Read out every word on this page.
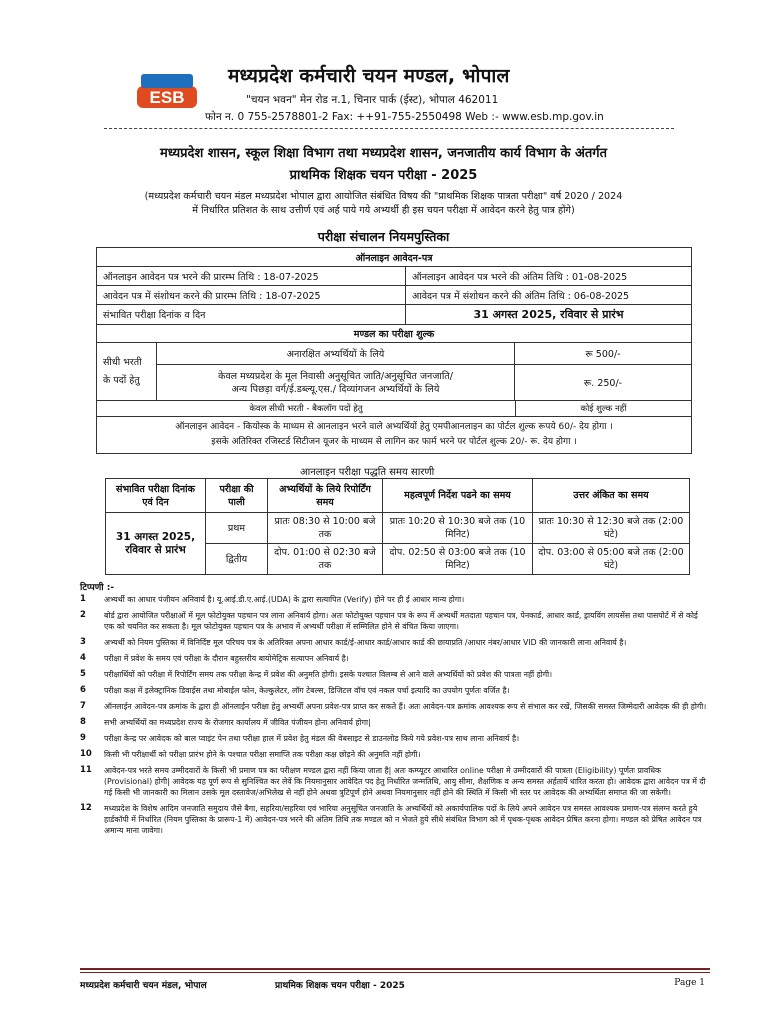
ESB
मध्यप्रदेश कर्मचारी चयन मण्डल, भोपाल
"चयन भवन" मेन रोड न.1, चिनार पार्क (ईस्ट), भोपाल 462011
फोन न. 0 755-2578801-2 Fax: ++91-755-2550498 Web :- www.esb.mp.gov.in
मध्यप्रदेश शासन, स्कूल शिक्षा विभाग तथा मध्यप्रदेश शासन, जनजातीय कार्य विभाग के अंतर्गत
प्राथमिक शिक्षक चयन परीक्षा - 2025
(मध्यप्रदेश कर्मचारी चयन मंडल मध्यप्रदेश भोपाल द्वारा आयोजित संबंधित विषय की "प्राथमिक शिक्षक पात्रता परीक्षा" वर्ष 2020 / 2024
में निर्धारित प्रतिशत के साथ उत्तीर्ण एवं अर्ह पाये गये अभ्यर्थी ही इस चयन परीक्षा में आवेदन करने हेतु पात्र होंगे)
परीक्षा संचालन नियमपुस्तिका
ऑनलाइन आवेदन-पत्र
ऑनलाइन आवेदन पत्र भरने की प्रारम्भ तिथि : 18-07-2025	ऑनलाइन आवेदन पत्र भरने की अंतिम तिथि : 01-08-2025
आवेदन पत्र में संशोधन करने की प्रारम्भ तिथि : 18-07-2025	आवेदन पत्र में संशोधन करने की अंतिम तिथि : 06-08-2025
संभावित परीक्षा दिनांक व दिन	31 अगस्त 2025, रविवार से प्रारंभ
मण्डल का परीक्षा शुल्क
सीधी भरती
के पदों हेतु
अनारक्षित अभ्यर्थियों के लिये	रू 500/-
केवल मध्यप्रदेश के मूल निवासी अनुसूचित जाति/अनुसूचित जनजाति/
अन्य पिछड़ा वर्ग/ई.डब्ल्यू.एस./ दिव्यांगजन अभ्यर्थियों के लिये	रू. 250/-
केवल सीधी भरती - बैकलॉग पदों हेतु	कोई शुल्क नहीं
ऑनलाइन आवेदन - कियोस्क के माध्यम से आनलाइन भरने वाले अभ्यर्थियों हेतु एमपीआनलाइन का पोर्टल शुल्क रूपये 60/- देय होगा ।
इसके अतिरिक्त रजिस्टर्ड सिटीजन यूजर के माध्यम से लागिन कर फार्म भरने पर पोर्टल शुल्क 20/- रू. देय होगा ।
आनलाइन परीक्षा पद्धति समय सारणी
संभावित परीक्षा दिनांक एवं दिन	परीक्षा की पाली	अभ्यर्थियों के लिये रिपोर्टिंग समय	महत्वपूर्ण निर्देश पढने का समय	उत्तर अंकित का समय
31 अगस्त 2025, रविवार से प्रारंभ	प्रथम	प्रातः 08:30 से 10:00 बजे तक	प्रातः 10:20 से 10:30 बजे तक (10 मिनिट)	प्रातः 10:30 से 12:30 बजे तक (2:00 घंटे)
	द्वितीय	दोप. 01:00 से 02:30 बजे तक	दोप. 02:50 से 03:00 बजे तक (10 मिनिट)	दोप. 03:00 से 05:00 बजे तक (2:00 घंटे)
टिप्पणी :-
1	अभ्यर्थी का आधार पंजीयन अनिवार्य है। यू.आई.डी.ए.आई.(UDA) के द्वारा सत्यापित (Verify) होने पर ही ई आधार मान्य होगा।
2	बोर्ड द्वारा आयोजित परीक्षाओं में मूल फोटोयुक्त पहचान पत्र लाना अनिवार्य होगा। अतः फोटोयुक्त पहचान पत्र के रूप में अभ्यर्थी मतदाता पहचान पत्र, पेनकार्ड, आधार कार्ड, ड्रायविंग लायसेंस तथा पासपोर्ट में से कोई एक को चयनित कर सकता है। मूल फोटोयुक्त पहचान पत्र के अभाव में अभ्यर्थी परीक्षा में सम्मिलित होने से वंचित किया जाएगा।
3	अभ्यर्थी को नियम पुस्तिका में विनिर्दिष्ट मूल परिचय पत्र के अतिरिक्त अपना आधार कार्ड/ई-आधार कार्ड/आधार कार्ड की छायाप्रति /आधार नंबर/आधार VID की जानकारी लाना अनिवार्य है।
4	परीक्षा में प्रवेश के समय एवं परीक्षा के दौरान बहुस्तरीय बायोमेट्रिक सत्यापन अनिवार्य है।
5	परीक्षार्थियों को परीक्षा में रिपोर्टिंग समय तक परीक्षा केन्द्र में प्रवेश की अनुमति होगी। इसके पश्चात विलम्ब से आने वाले अभ्यर्थियों को प्रवेश की पात्रता नहीं होगी।
6	परीक्षा कक्ष में इलेक्ट्रानिक डिवाईस तथा मोबाईल फोन, केल्कुलेटर, लॉग टेबल्स, डिजिटल वॉच एवं नकल पर्चा इत्यादि का उपयोग पूर्णतः वर्जित है।
7	ऑनलाईन आवेदन-पत्र क्रमांक के द्वारा ही ऑनलाईन परीक्षा हेतु अभ्यर्थी अपना प्रवेश-पत्र प्राप्त कर सकते हैं। अतः आवेदन-पत्र क्रमांक आवश्यक रूप से संभाल कर रखें, जिसकी समस्त जिम्मेदारी आवेदक की ही होगी।
8	सभी अभ्यर्थियों का मध्यप्रदेश राज्य के रोजगार कार्यालय में जीवित पंजीयन होना अनिवार्य होगा|
9	परीक्षा केन्द्र पर आवेदक को बाल प्वाइंट पेन तथा परीक्षा हाल में प्रवेश हेतु मंडल की वेबसाइट से डाउनलोड किये गये प्रवेश-पत्र साथ लाना अनिवार्य है।
10	किसी भी परीक्षार्थी को परीक्षा प्रारंभ होने के पश्चात परीक्षा समाप्ति तक परीक्षा कक्ष छोड़ने की अनुमति नहीं होगी।
11	आवेदन-पत्र भरते समय उम्मीदवारों के किसी भी प्रमाण पत्र का परीक्षण मण्डल द्वारा नहीं किया जाता है| अतः कम्प्यूटर आधारित online परीक्षा मे उम्मीदवारों की पात्रता (Eligibility) पूर्णतः प्रावधिक (Provisional) होगी| आवेदक यह पूर्ण रूप से सुनिश्चित कर लेवें कि नियमानुसार आवेदित पद हेतु निर्धारित जन्मतिथि, आयु सीमा, शैक्षणिक व अन्य समस्त अर्हतायें धारित करता हो। आवेदक द्वारा आवेदन पत्र में दी गई किसी भी जानकारी का मिलान उसके मूल दस्तावेज/अभिलेख से नहीं होने अथवा त्रुटिपूर्ण होने अथवा नियमानुसार नहीं होने की स्थिति में किसी भी स्तर पर आवेदक की अभ्यर्थिता समाप्त की जा सकेगी।
12	मध्यप्रदेश के विशेष आदिम जनजाति समुदाय जैसे बैगा, सहरिया/सहरिया एवं भारिया अनुसूचित जनजाति के अभ्यर्थियों को अकार्यपालिक पदों के लिये अपने आवेदन पत्र समस्त आवश्यक प्रमाण-पत्र संलग्न करते हुये हार्डकॉपी में निर्धारित (नियम पुस्तिका के प्रारूप-1 में) आवेदन-पत्र भरने की अंतिम तिथि तक मण्डल को न भेजते हुये सीधे संबंधित विभाग को में पृथक-पृथक आवेदन प्रेषित करना होगा। मण्डल को प्रेषित आवेदन पत्र अमान्य माना जावेगा।
मध्यप्रदेश कर्मचारी चयन मंडल, भोपाल	प्राथमिक शिक्षक चयन परीक्षा - 2025	Page 1
